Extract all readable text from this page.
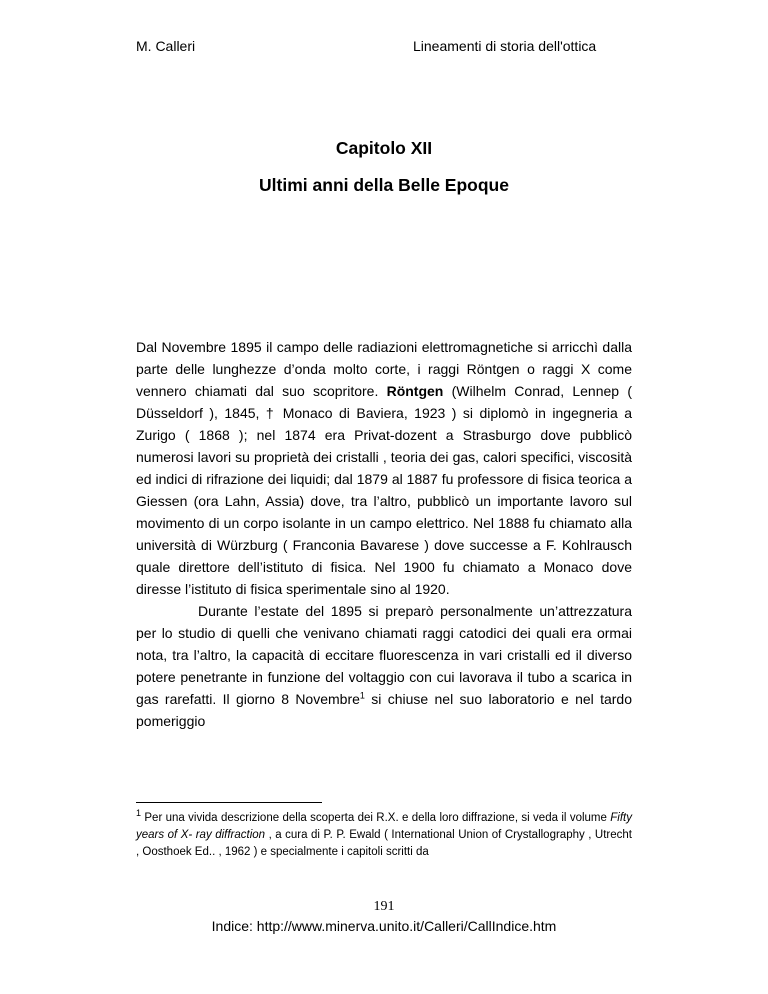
M. Calleri	Lineamenti di storia dell'ottica
Capitolo XII
Ultimi anni della Belle Epoque

Dal Novembre 1895 il campo delle radiazioni elettromagnetiche si arricchì dalla parte delle lunghezze d’onda molto corte, i raggi Röntgen o raggi X come vennero chiamati dal suo scopritore. Röntgen (Wilhelm Conrad, Lennep ( Düsseldorf ), 1845, † Monaco di Baviera, 1923 ) si diplomò in ingegneria a Zurigo ( 1868 ); nel 1874 era Privat-dozent a Strasburgo dove pubblicò numerosi lavori su proprietà dei cristalli , teoria dei gas, calori specifici, viscosità ed indici di rifrazione dei liquidi; dal 1879 al 1887 fu professore di fisica teorica a Giessen (ora Lahn, Assia) dove, tra l’altro, pubblicò un importante lavoro sul movimento di un corpo isolante in un campo elettrico. Nel 1888 fu chiamato alla università di Würzburg ( Franconia Bavarese ) dove successe a F. Kohlrausch quale direttore dell’istituto di fisica. Nel 1900 fu chiamato a Monaco dove diresse l’istituto di fisica sperimentale sino al 1920.

Durante l’estate del 1895 si preparò personalmente un’attrezzatura per lo studio di quelli che venivano chiamati raggi catodici dei quali era ormai nota, tra l’altro, la capacità di eccitare fluorescenza in vari cristalli ed il diverso potere penetrante in funzione del voltaggio con cui lavorava il tubo a scarica in gas rarefatti. Il giorno 8 Novembre$^1$ si chiuse nel suo laboratorio e nel tardo pomeriggio

$^1$ Per una vivida descrizione della scoperta dei R.X. e della loro diffrazione, si veda il volume Fifty years of X- ray diffraction , a cura di P. P. Ewald ( International Union of Crystallography , Utrecht , Oosthoek Ed.. , 1962 ) e specialmente i capitoli scritti da

191
Indice: http://www.minerva.unito.it/Calleri/CallIndice.htm
